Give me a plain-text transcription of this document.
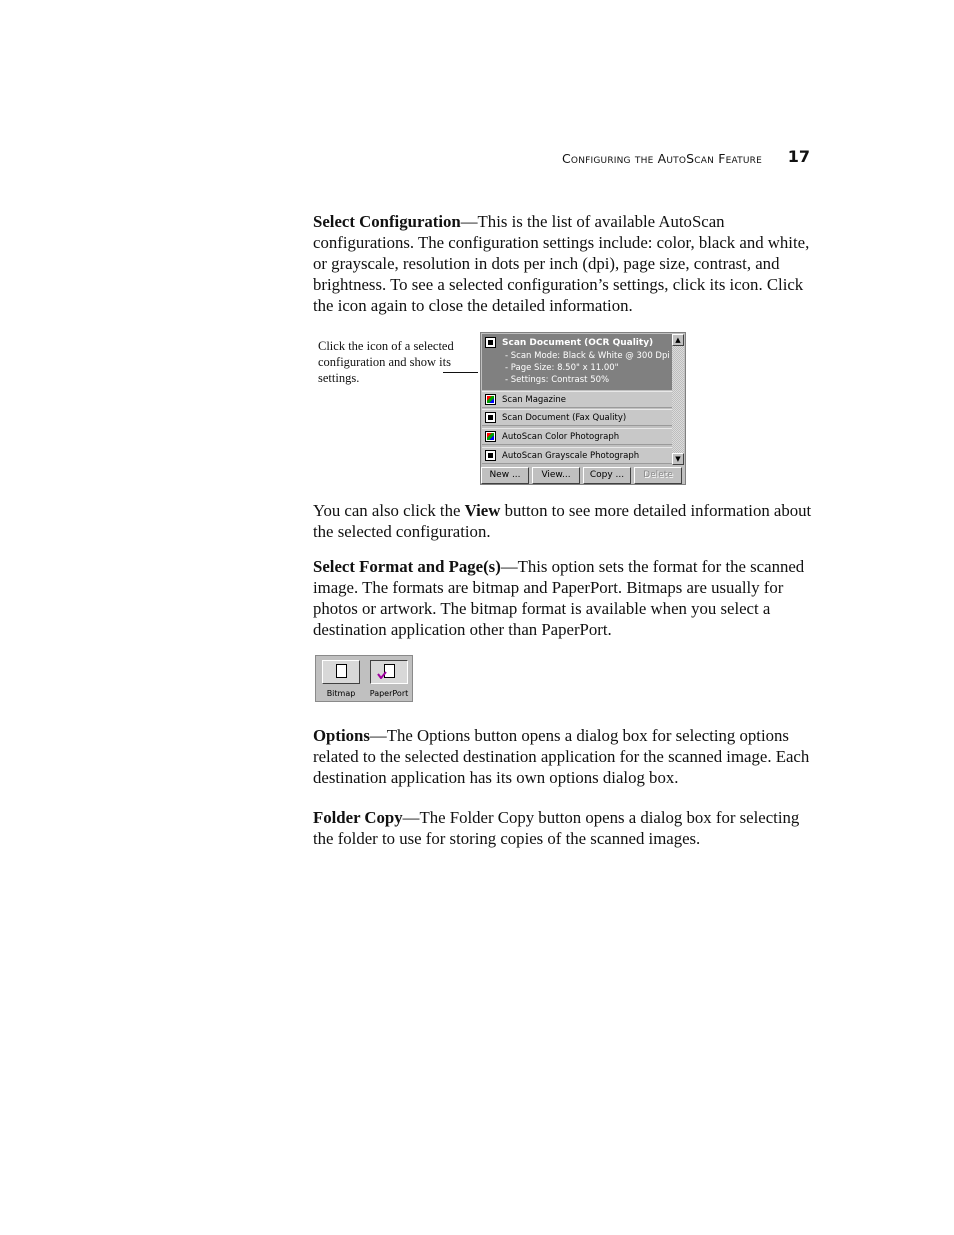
Configuring the AutoScan Feature 17

Select Configuration—This is the list of available AutoScan configurations. The configuration settings include: color, black and white, or grayscale, resolution in dots per inch (dpi), page size, contrast, and brightness. To see a selected configuration’s settings, click its icon. Click the icon again to close the detailed information.

Click the icon of a selected configuration and show its settings.
Scan Document (OCR Quality)
- Scan Mode: Black & White @ 300 Dpi
- Page Size: 8.50" x 11.00"
- Settings: Contrast 50%
Scan Magazine
Scan Document (Fax Quality)
AutoScan Color Photograph
AutoScan Grayscale Photograph
▲
▼
New ...	View...	Copy ...	Delete

You can also click the View button to see more detailed information about the selected configuration.

Select Format and Page(s)—This option sets the format for the scanned image. The formats are bitmap and PaperPort. Bitmaps are usually for photos or artwork. The bitmap format is available when you select a destination application other than PaperPort.

Bitmap	PaperPort

Options—The Options button opens a dialog box for selecting options related to the selected destination application for the scanned image. Each destination application has its own options dialog box.

Folder Copy—The Folder Copy button opens a dialog box for selecting the folder to use for storing copies of the scanned images.
